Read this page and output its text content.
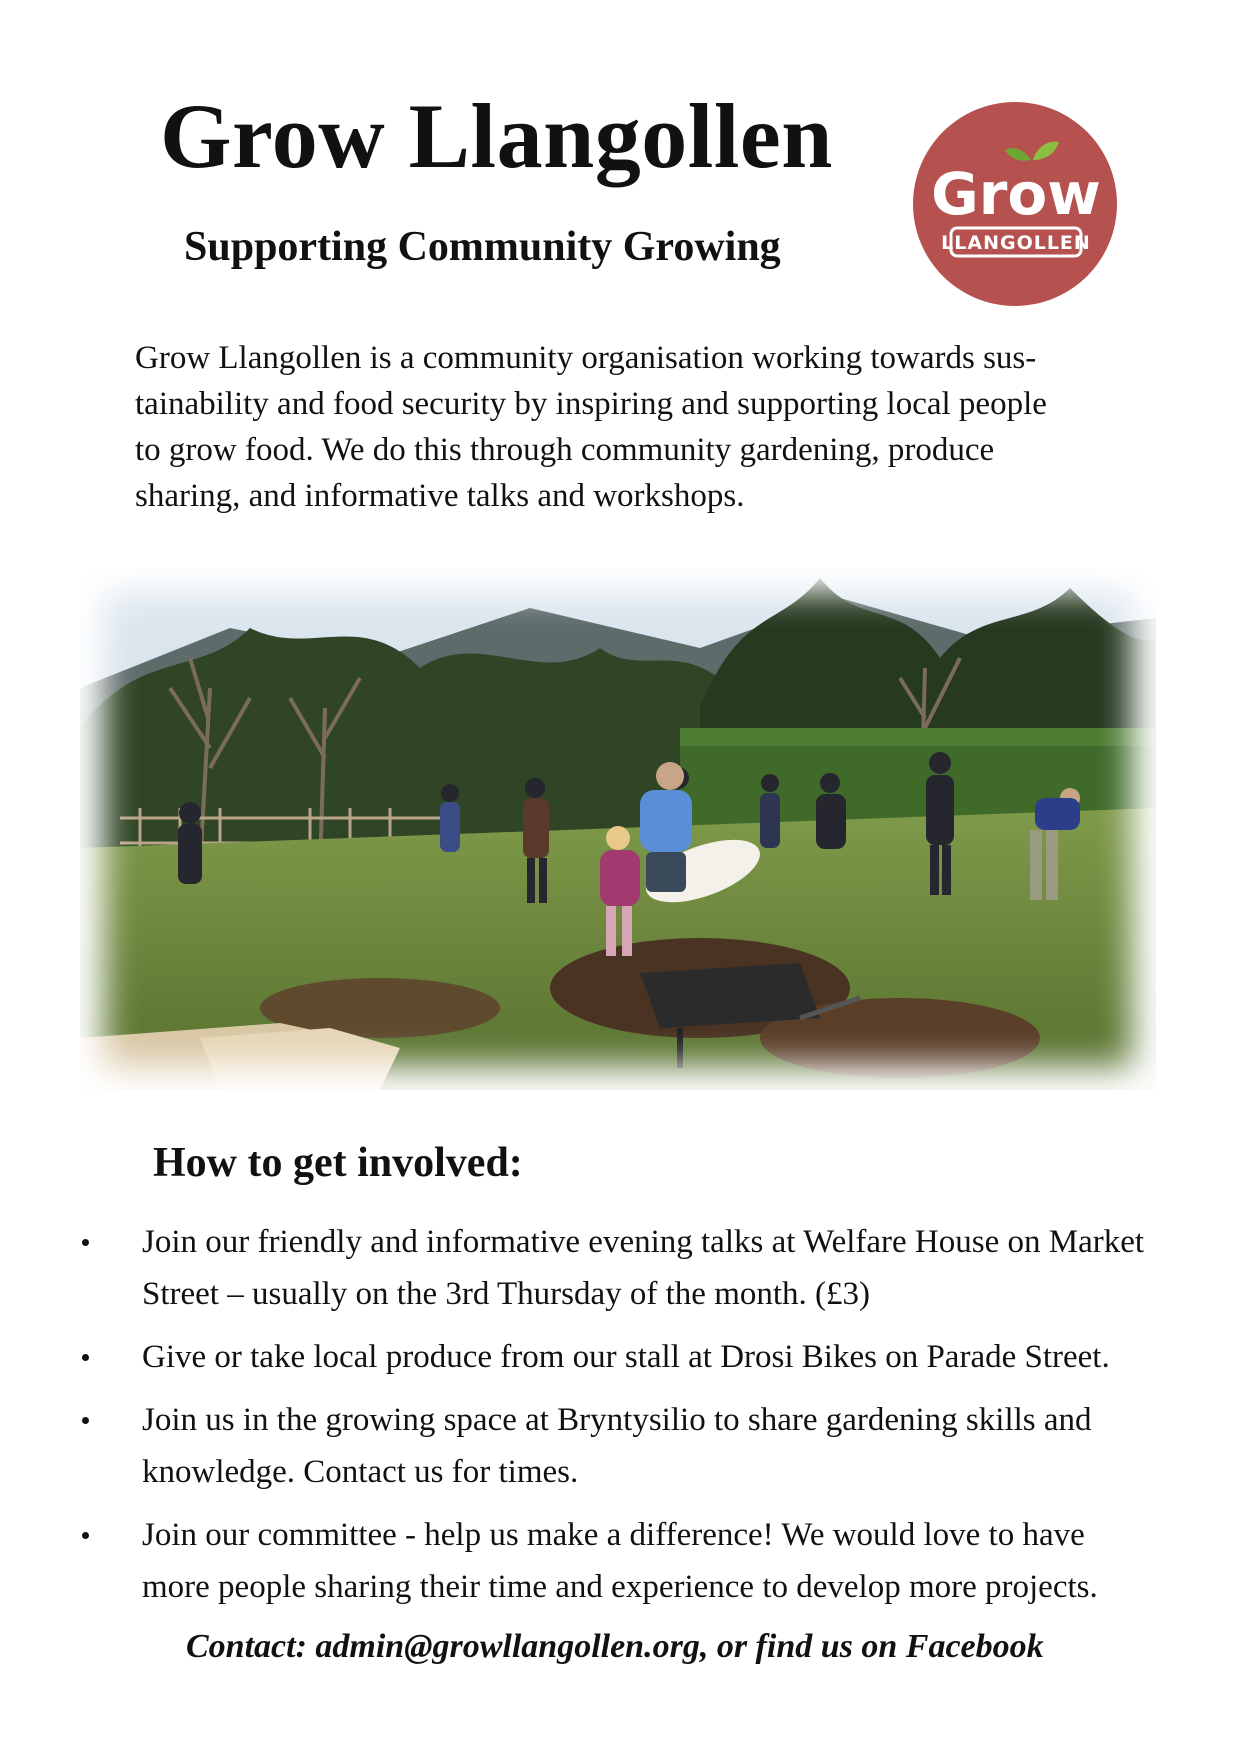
Grow Llangollen
Supporting Community Growing
Grow
LLANGOLLEN
Grow Llangollen is a community organisation working towards sus-
tainability and food security by inspiring and supporting local people
to grow food. We do this through community gardening, produce
sharing, and informative talks and workshops.
How to get involved:
Join our friendly and informative evening talks at Welfare House on Market
Street – usually on the 3rd Thursday of the month. (£3)
Give or take local produce from our stall at Drosi Bikes on Parade Street.
Join us in the growing space at Bryntysilio to share gardening skills and
knowledge. Contact us for times.
Join our committee - help us make a difference! We would love to have
more people sharing their time and experience to develop more projects.
Contact: admin@growllangollen.org, or find us on Facebook
